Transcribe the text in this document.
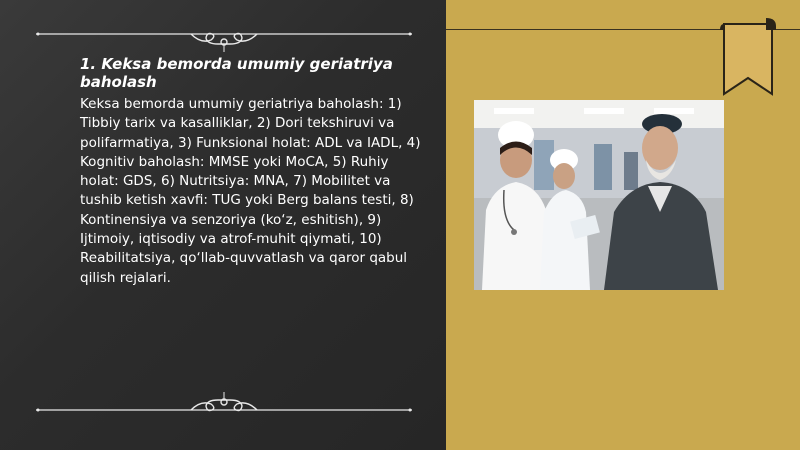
1. Keksa bemorda umumiy geriatriya baholash
Keksa bemorda umumiy geriatriya baholash: 1) Tibbiy tarix va kasalliklar, 2) Dori tekshiruvi va polifarmatiya, 3) Funksional holat: ADL va IADL, 4) Kognitiv baholash: MMSE yoki MoCA, 5) Ruhiy holat: GDS, 6) Nutritsiya: MNA, 7) Mobilitet va tushib ketish xavfi: TUG yoki Berg balans testi, 8) Kontinensiya va senzoriya (ko‘z, eshitish), 9) Ijtimoiy, iqtisodiy va atrof-muhit qiymati, 10) Reabilitatsiya, qo‘llab-quvvatlash va qaror qabul qilish rejalari.
